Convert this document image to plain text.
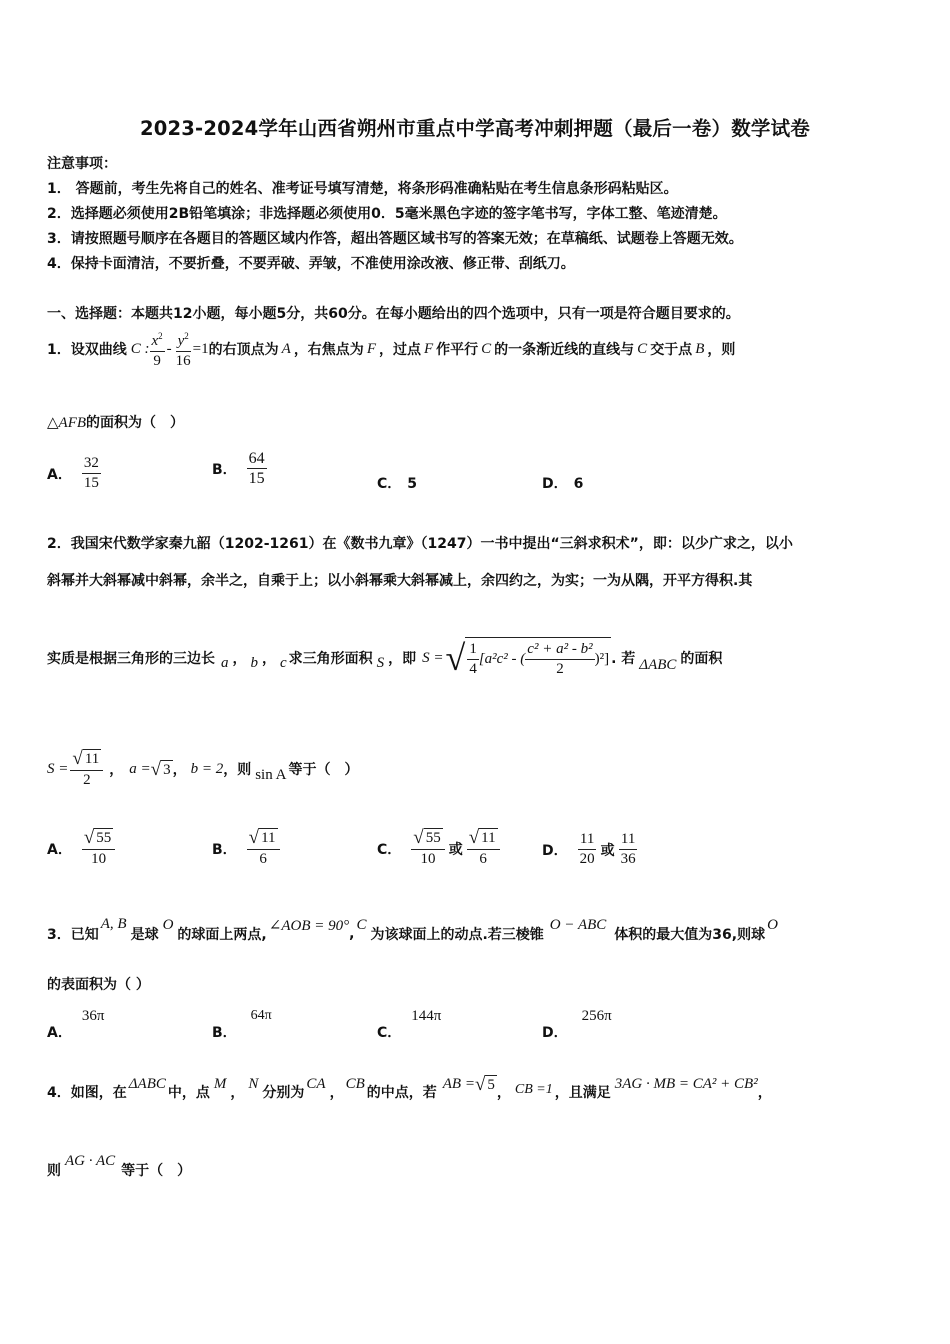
2023-2024学年山西省朔州市重点中学高考冲刺押题（最后一卷）数学试卷
注意事项：
1． 答题前，考生先将自己的姓名、准考证号填写清楚，将条形码准确粘贴在考生信息条形码粘贴区。
2．选择题必须使用2B铅笔填涂；非选择题必须使用0．5毫米黑色字迹的签字笔书写，字体工整、笔迹清楚。
3．请按照题号顺序在各题目的答题区域内作答，超出答题区域书写的答案无效；在草稿纸、试题卷上答题无效。
4．保持卡面清洁，不要折叠，不要弄破、弄皱，不准使用涂改液、修正带、刮纸刀。
一、选择题：本题共12小题，每小题5分，共60分。在每小题给出的四个选项中，只有一项是符合题目要求的。
1．设双曲线 C : $\frac{x^2}{9} - \frac{y^2}{16} =1$ 的右顶点为 A ，右焦点为 F ，过点 F 作平行 C 的一条渐近线的直线与 C 交于点 B ，则
△AFB 的面积为（　）
A． $\frac{32}{15}$	B． $\frac{64}{15}$	C． 5	D． 6
2．我国宋代数学家秦九韶（1202-1261）在《数书九章》（1247）一书中提出“三斜求积术”，即：以少广求之，以小
斜幂并大斜幂减中斜幂，余半之，自乘于上；以小斜幂乘大斜幂减上，余四约之，为实；一为从隅，开平方得积.其
实质是根据三角形的三边长 a ， b ， c 求三角形面积 S ，即 S = √ $\frac{1}{4} [a^2c^2$ - ( $\frac{\text{c² + a² - b²}}{2} )^2$] . 若 ΔABC 的面积
$S = \frac{√ 11}{2}$ ， a = √ 3 ， b = 2 ，则 sin A 等于（　）
A． $\frac{√ 55}{10}$	B． $\frac{√ 11}{6}$	C． $\frac{√ 55}{10}$ 或 $\frac{√ 11}{6}$	D． $\frac{11}{20}$ 或 $\frac{11}{36}$
3．已知
A, B
是球
O
的球面上两点,
∠AOB = 90°
,
C
为该球面上的动点.若三棱锥
O − ABC
体积的最大值为36,则球
O
的表面积为（ ）
A．
36π
B．
64π
C．
144π
D．
256π
4．如图，在
ΔABC
中，点
M
，
N
分别为
CA
，
CB
的中点，若
AB = √ 5
， CB =1 ，且满足
3AG · MB = CA² + CB²
，
则
AG · AC
等于（　）
